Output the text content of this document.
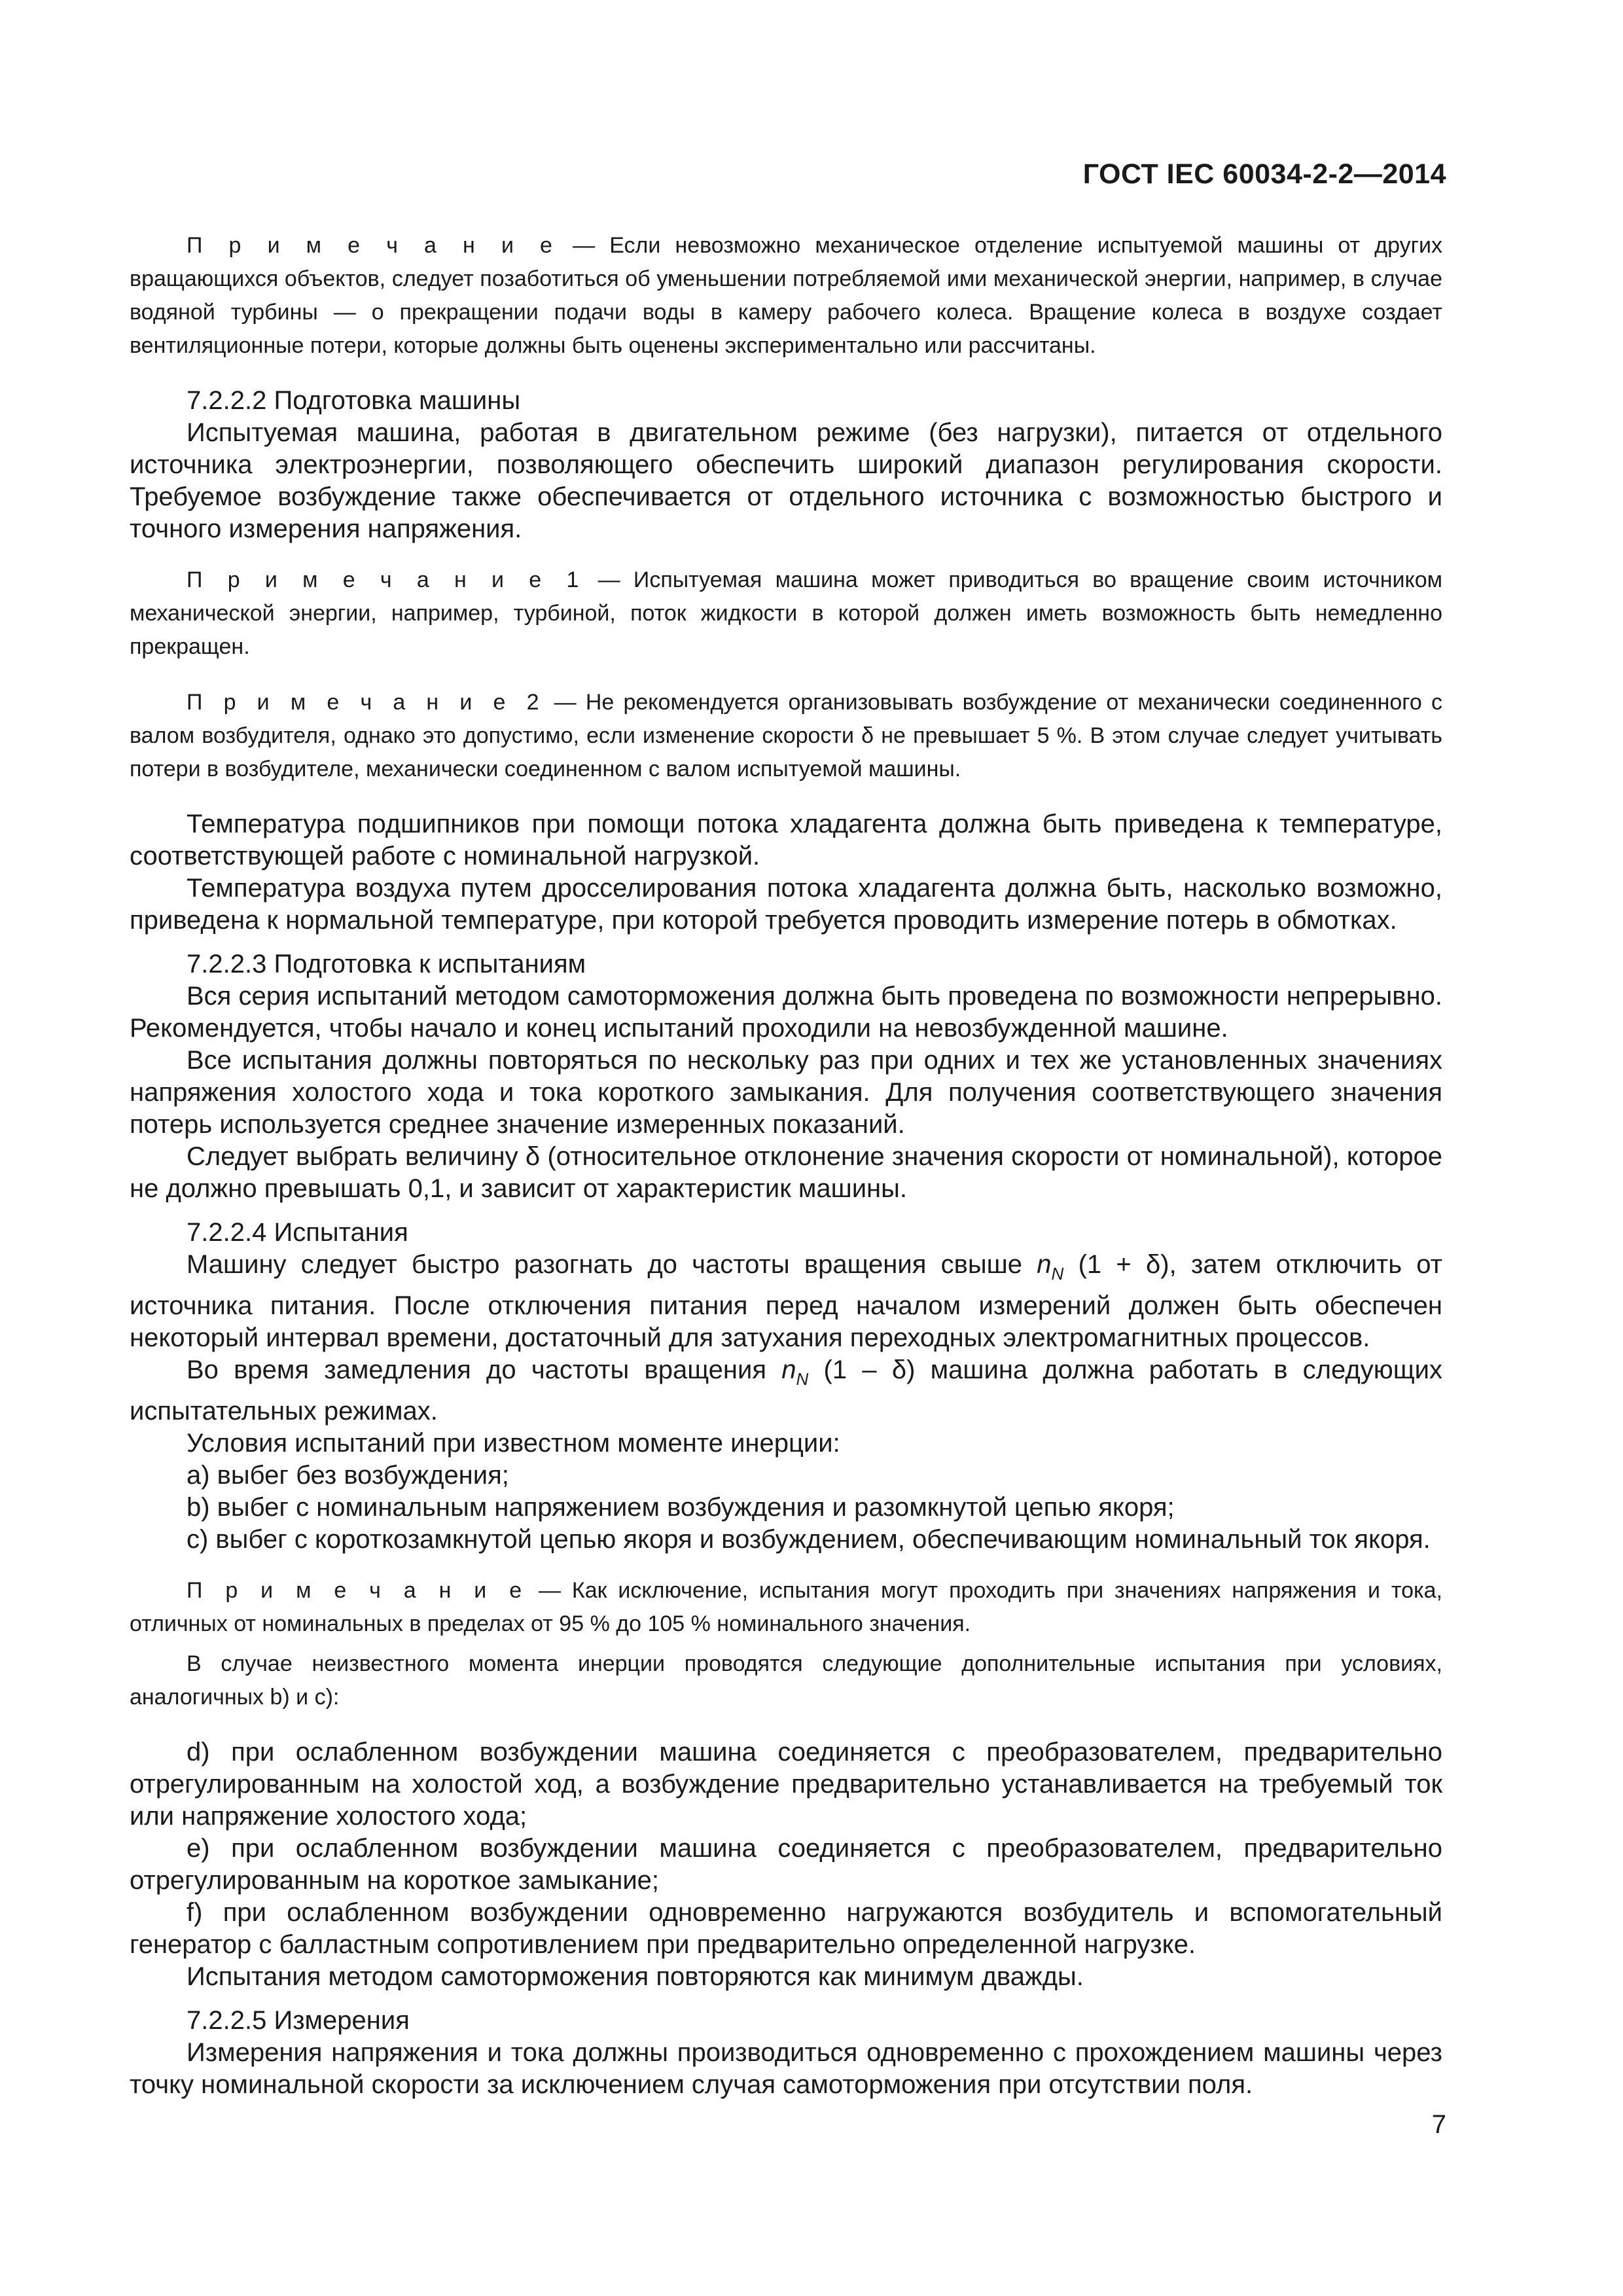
ГОСТ IEC 60034-2-2—2014

П р и м е ч а н и е — Если невозможно механическое отделение испытуемой машины от других вращающихся объектов, следует позаботиться об уменьшении потребляемой ими механической энергии, например, в случае водяной турбины — о прекращении подачи воды в камеру рабочего колеса. Вращение колеса в воздухе создает вентиляционные потери, которые должны быть оценены экспериментально или рассчитаны.

7.2.2.2 Подготовка машины

Испытуемая машина, работая в двигательном режиме (без нагрузки), питается от отдельного источника электроэнергии, позволяющего обеспечить широкий диапазон регулирования скорости. Требуемое возбуждение также обеспечивается от отдельного источника с возможностью быстрого и точного измерения напряжения.

П р и м е ч а н и е 1 — Испытуемая машина может приводиться во вращение своим источником механической энергии, например, турбиной, поток жидкости в которой должен иметь возможность быть немедленно прекращен.

П р и м е ч а н и е 2 — Не рекомендуется организовывать возбуждение от механически соединенного с валом возбудителя, однако это допустимо, если изменение скорости δ не превышает 5 %. В этом случае следует учитывать потери в возбудителе, механически соединенном с валом испытуемой машины.

Температура подшипников при помощи потока хладагента должна быть приведена к температуре, соответствующей работе с номинальной нагрузкой.

Температура воздуха путем дросселирования потока хладагента должна быть, насколько возможно, приведена к нормальной температуре, при которой требуется проводить измерение потерь в обмотках.

7.2.2.3 Подготовка к испытаниям

Вся серия испытаний методом самоторможения должна быть проведена по возможности непрерывно. Рекомендуется, чтобы начало и конец испытаний проходили на невозбужденной машине.

Все испытания должны повторяться по нескольку раз при одних и тех же установленных значениях напряжения холостого хода и тока короткого замыкания. Для получения соответствующего значения потерь используется среднее значение измеренных показаний.

Следует выбрать величину δ (относительное отклонение значения скорости от номинальной), которое не должно превышать 0,1, и зависит от характеристик машины.

7.2.2.4 Испытания

Машину следует быстро разогнать до частоты вращения свыше $n_N$ (1 + δ), затем отключить от источника питания. После отключения питания перед началом измерений должен быть обеспечен некоторый интервал времени, достаточный для затухания переходных электромагнитных процессов.

Во время замедления до частоты вращения $n_N$ (1 – δ) машина должна работать в следующих испытательных режимах.

Условия испытаний при известном моменте инерции:

a) выбег без возбуждения;

b) выбег с номинальным напряжением возбуждения и разомкнутой цепью якоря;

c) выбег с короткозамкнутой цепью якоря и возбуждением, обеспечивающим номинальный ток якоря.

П р и м е ч а н и е — Как исключение, испытания могут проходить при значениях напряжения и тока, отличных от номинальных в пределах от 95 % до 105 % номинального значения.

В случае неизвестного момента инерции проводятся следующие дополнительные испытания при условиях, аналогичных b) и c):

d) при ослабленном возбуждении машина соединяется с преобразователем, предварительно отрегулированным на холостой ход, а возбуждение предварительно устанавливается на требуемый ток или напряжение холостого хода;

e) при ослабленном возбуждении машина соединяется с преобразователем, предварительно отрегулированным на короткое замыкание;

f) при ослабленном возбуждении одновременно нагружаются возбудитель и вспомогательный генератор с балластным сопротивлением при предварительно определенной нагрузке.

Испытания методом самоторможения повторяются как минимум дважды.

7.2.2.5 Измерения

Измерения напряжения и тока должны производиться одновременно с прохождением машины через точку номинальной скорости за исключением случая самоторможения при отсутствии поля.

7
